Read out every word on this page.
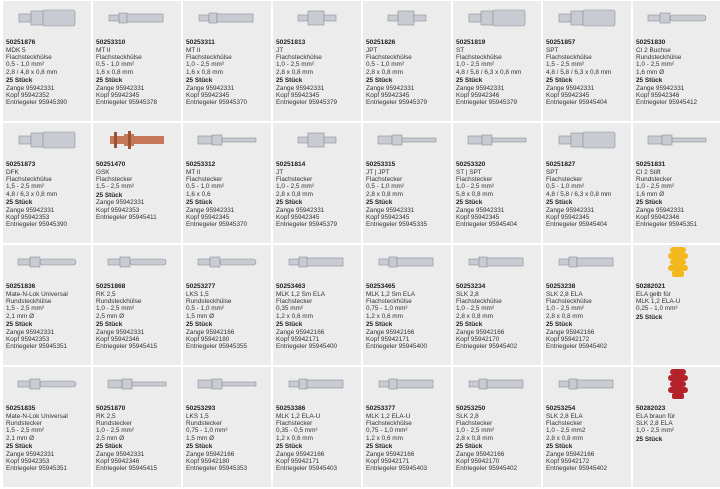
50251876
MDK 5
Flachsteckhülse
0,5 - 1,0 mm²
2,8 / 4,8 x 0,8 mm
25 Stück
Zange 95942331
Kopf 95942352
Entriegeler 95945390
50253310
MT II
Flachsteckhülse
0,5 - 1,0 mm²
1,6 x 0,8 mm
25 Stück
Zange 95942331
Kopf 95942345
Entriegeler 95945378
50253311
MT II
Flachsteckhülse
1,0 - 2,5 mm²
1,6 x 0,8 mm
25 Stück
Zange 95942331
Kopf 95942345
Entriegeler 95945370
50251813
JT
Flachsteckhülse
1,0 - 2,5 mm²
2,8 x 0,8 mm
25 Stück
Zange 95942331
Kopf 95942345
Entriegeler 95945379
50251826
JPT
Flachsteckhülse
0,5 - 1,0 mm²
2,8 x 0,8 mm
25 Stück
Zange 95942331
Kopf 95942345
Entriegeler 95945379
50251819
ST
Flachsteckhülse
1,0 - 2,5 mm²
4,8 / 5,8 / 6,3 x 0,8 mm
25 Stück
Zange 95942331
Kopf 95942346
Entriegeler 95945379
50251857
SPT
Flachsteckhülse
1,5 - 2,5 mm²
4,8 / 5,8 / 6,3 x 0,8 mm
25 Stück
Zange 95942331
Kopf 95942345
Entriegeler 95945404
50251830
CI 2 Buchse
Rundsteckhülse
1,0 - 2,5 mm²
1,6 mm Ø
25 Stück
Zange 95942331
Kopf 95942346
Entriegeler 95945412
50251873
DFK
Flachsteckhülse
1,5 - 2,5 mm²
4,8 / 6,3 x 0,8 mm
25 Stück
Zange 95942331
Kopf 95942353
Entriegeler 95945390
50251470
GSK
Flachstecker
1,5 - 2,5 mm²
25 Stück
Zange 95942331
Kopf 95942353
Entriegeler 95945411
50253312
MT II
Flachstecker
0,5 - 1,0 mm²
1,6 x 0,6
25 Stück
Zange 95942331
Kopf 95942345
Entriegeler 95945370
50251814
JT
Flachstecker
1,0 - 2,5 mm²
2,8 x 0,8 mm
25 Stück
Zange 95942331
Kopf 95942345
Entriegeler 95945379
50253315
JT | JPT
Flachstecker
0,5 - 1,0 mm²
2,8 x 0,8 mm
25 Stück
Zange 95942331
Kopf 95942345
Entriegeler 95945335
50253320
ST | SPT
Flachstecker
1,0 - 2,5 mm²
5,8 x 0,8 mm
25 Stück
Zange 95942331
Kopf 95942345
Entriegeler 95945404
50251827
SPT
Flachstecker
0,5 - 1,0 mm²
4,8 / 5,8 / 6,3 x 0,8 mm
25 Stück
Zange 95942331
Kopf 95942345
Entriegeler 95945404
50251831
CI 2 Stift
Rundstecker
1,0 - 2,5 mm²
1,6 mm Ø
25 Stück
Zange 95942331
Kopf 95942346
Entriegeler 95945351
50251836
Mate-N-Lok Universal
Rundsteckhülse
1,5 - 2,5 mm²
2,1 mm Ø
25 Stück
Zange 95942331
Kopf 95942353
Entriegeler 95945351
50251868
RK 2,5
Rundsteckhülse
1,0 - 2,5 mm²
2,5 mm Ø
25 Stück
Zange 95942331
Kopf 95942346
Entriegeler 95945415
50253277
LKS 1,5
Rundsteckhülse
0,5 - 1,0 mm²
1,5 mm Ø
25 Stück
Zange 95942166
Kopf 95942180
Entriegeler 95945355
50253463
MLK 1,2 Sm ELA
Flachstecker
0,35 mm²
1,2 x 0,6 mm
25 Stück
Zange 95942166
Kopf 95942171
Entriegeler 95945400
50253465
MLK 1,2 Sm ELA
Flachsteckhülse
0,75 - 1,0 mm²
1,2 x 0,6 mm
25 Stück
Zange 95942166
Kopf 95942171
Entriegeler 95945400
50253234
SLK 2,8
Flachsteckhülse
1,0 - 2,5 mm²
2,8 x 0,8 mm
25 Stück
Zange 95942166
Kopf 95942170
Entriegeler 95945402
50253238
SLK 2,8 ELA
Flachsteckhülse
1,0 - 2,5 mm²
2,8 x 0,8 mm
25 Stück
Zange 95942166
Kopf 95942172
Entriegeler 95945402
50282021
ELA gelb für
MLK 1,2 ELA-U
0,25 - 1,0 mm²
25 Stück
50251835
Mate-N-Lok Universal
Rundstecker
1,5 - 2,5 mm²
2,1 mm Ø
25 Stück
Zange 95942331
Kopf 95942353
Entriegeler 95945351
50251870
RK 2,5
Rundstecker
1,0 - 2,5 mm²
2,5 mm Ø
25 Stück
Zange 95942331
Kopf 95942346
Entriegeler 95945415
50253293
LKS 1,5
Rundstecker
0,75 - 1,0 mm²
1,5 mm Ø
25 Stück
Zange 95942166
Kopf 95942180
Entriegeler 95945353
50253386
MLK 1,2 ELA-U
Flachstecker
0,35 - 0,5 mm²
1,2 x 0,6 mm
25 Stück
Zange 95942166
Kopf 95942171
Entriegeler 95945403
50253377
MLK 1,2 ELA-U
Flachsteckhülse
0,75 - 1,0 mm²
1,2 x 0,6 mm
25 Stück
Zange 95942166
Kopf 95942171
Entriegeler 95945403
50253250
SLK 2,8
Flachstecker
1,0 - 2,5 mm²
2,8 x 0,8 mm
25 Stück
Zange 95942166
Kopf 95942170
Entriegeler 95945402
50253254
SLK 2,8 ELA
Flachstecker
1,0 - 2,5 mm2
2,8 x 0,8 mm
25 Stück
Zange 95942166
Kopf 95942172
Entriegeler 95945402
50282023
ELA braun für
SLK 2,8 ELA
1,0 - 2,5 mm²
25 Stück
